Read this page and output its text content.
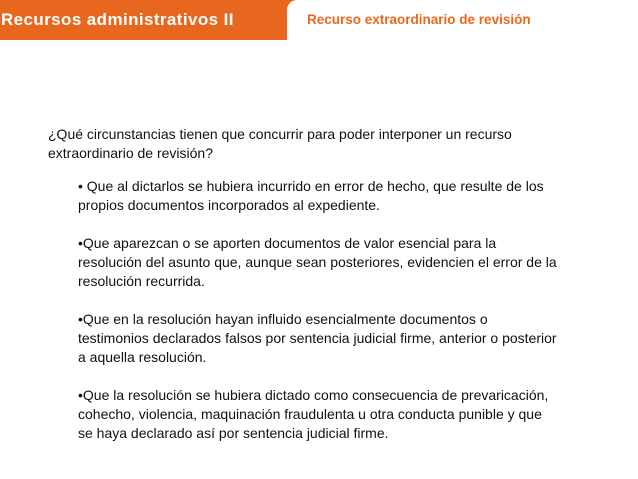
Recursos administrativos II	Recurso extraordinario de revisión

¿Qué circunstancias tienen que concurrir para poder interponer un recurso extraordinario de revisión?

• Que al dictarlos se hubiera incurrido en error de hecho, que resulte de los propios documentos incorporados al expediente.
•Que aparezcan o se aporten documentos de valor esencial para la resolución del asunto que, aunque sean posteriores, evidencien el error de la resolución recurrida.
•Que en la resolución hayan influido esencialmente documentos o testimonios declarados falsos por sentencia judicial firme, anterior o posterior a aquella resolución.
•Que la resolución se hubiera dictado como consecuencia de prevaricación, cohecho, violencia, maquinación fraudulenta u otra conducta punible y que se haya declarado así por sentencia judicial firme.
